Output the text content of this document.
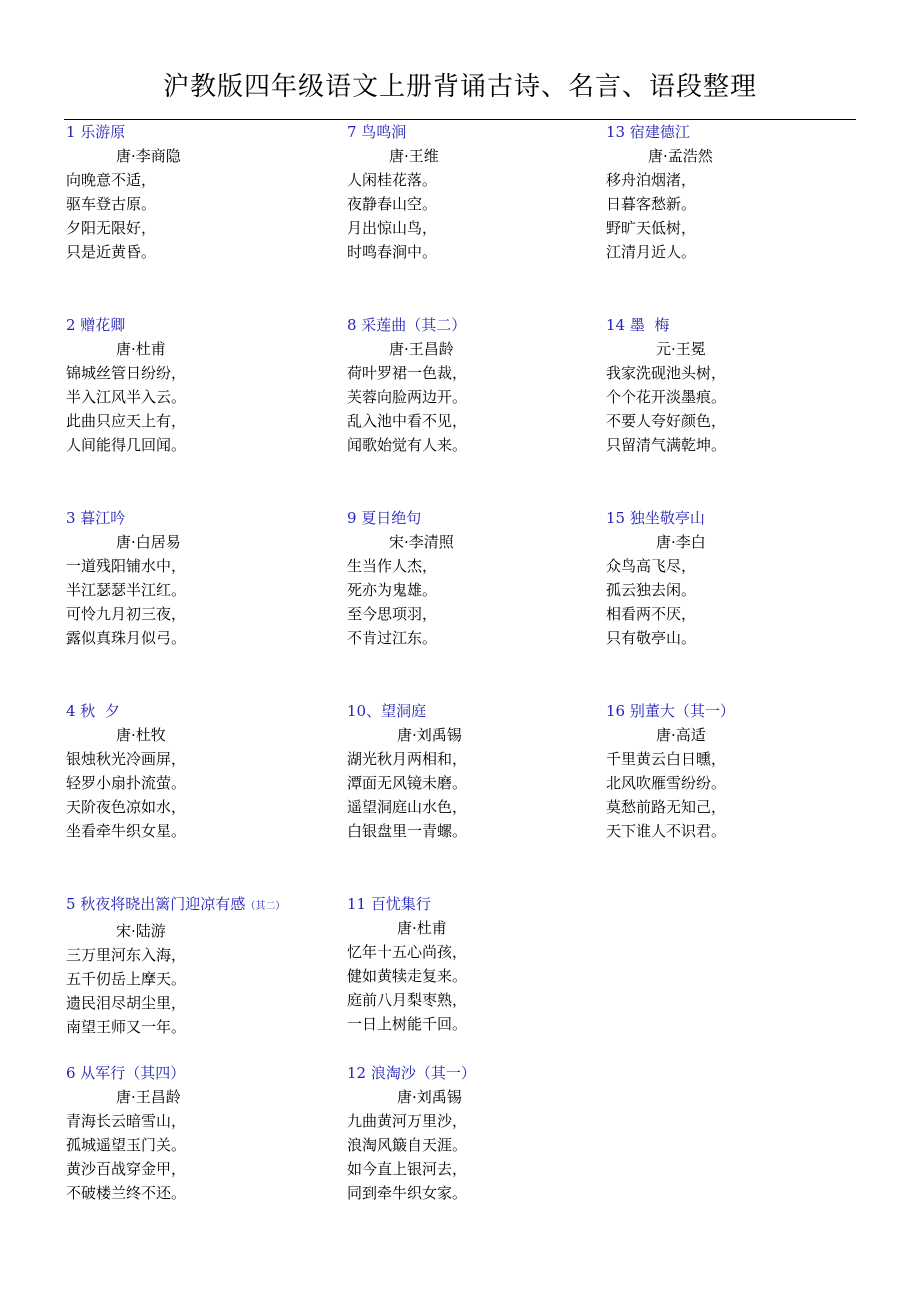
沪教版四年级语文上册背诵古诗、名言、语段整理
1 乐游原
唐·李商隐
向晚意不适，
驱车登古原。
夕阳无限好，
只是近黄昏。
2 赠花卿
唐·杜甫
锦城丝管日纷纷，
半入江风半入云。
此曲只应天上有，
人间能得几回闻。
3 暮江吟
唐·白居易
一道残阳铺水中，
半江瑟瑟半江红。
可怜九月初三夜，
露似真珠月似弓。
4 秋  夕
唐·杜牧
银烛秋光冷画屏，
轻罗小扇扑流萤。
天阶夜色凉如水，
坐看牵牛织女星。
5 秋夜将晓出篱门迎凉有感（其二）
宋·陆游
三万里河东入海，
五千仞岳上摩天。
遗民泪尽胡尘里，
南望王师又一年。
6 从军行（其四）
唐·王昌龄
青海长云暗雪山，
孤城遥望玉门关。
黄沙百战穿金甲，
不破楼兰终不还。
7 鸟鸣涧
唐·王维
人闲桂花落。
夜静春山空。
月出惊山鸟，
时鸣春涧中。
8 采莲曲（其二）
唐·王昌龄
荷叶罗裙一色裁，
芙蓉向脸两边开。
乱入池中看不见，
闻歌始觉有人来。
9 夏日绝句
宋·李清照
生当作人杰，
死亦为鬼雄。
至今思项羽，
不肯过江东。
10、望洞庭
唐·刘禹锡
湖光秋月两相和，
潭面无风镜未磨。
遥望洞庭山水色，
白银盘里一青螺。
11 百忧集行
唐·杜甫
忆年十五心尚孩，
健如黄犊走复来。
庭前八月梨枣熟，
一日上树能千回。
12 浪淘沙（其一）
唐·刘禹锡
九曲黄河万里沙，
浪淘风簸自天涯。
如今直上银河去，
同到牵牛织女家。
13 宿建德江
唐·孟浩然
移舟泊烟渚，
日暮客愁新。
野旷天低树，
江清月近人。
14 墨  梅
元·王冕
我家洗砚池头树，
个个花开淡墨痕。
不要人夸好颜色，
只留清气满乾坤。
15 独坐敬亭山
唐·李白
众鸟高飞尽，
孤云独去闲。
相看两不厌，
只有敬亭山。
16 别董大（其一）
唐·高适
千里黄云白日曛，
北风吹雁雪纷纷。
莫愁前路无知己，
天下谁人不识君。
